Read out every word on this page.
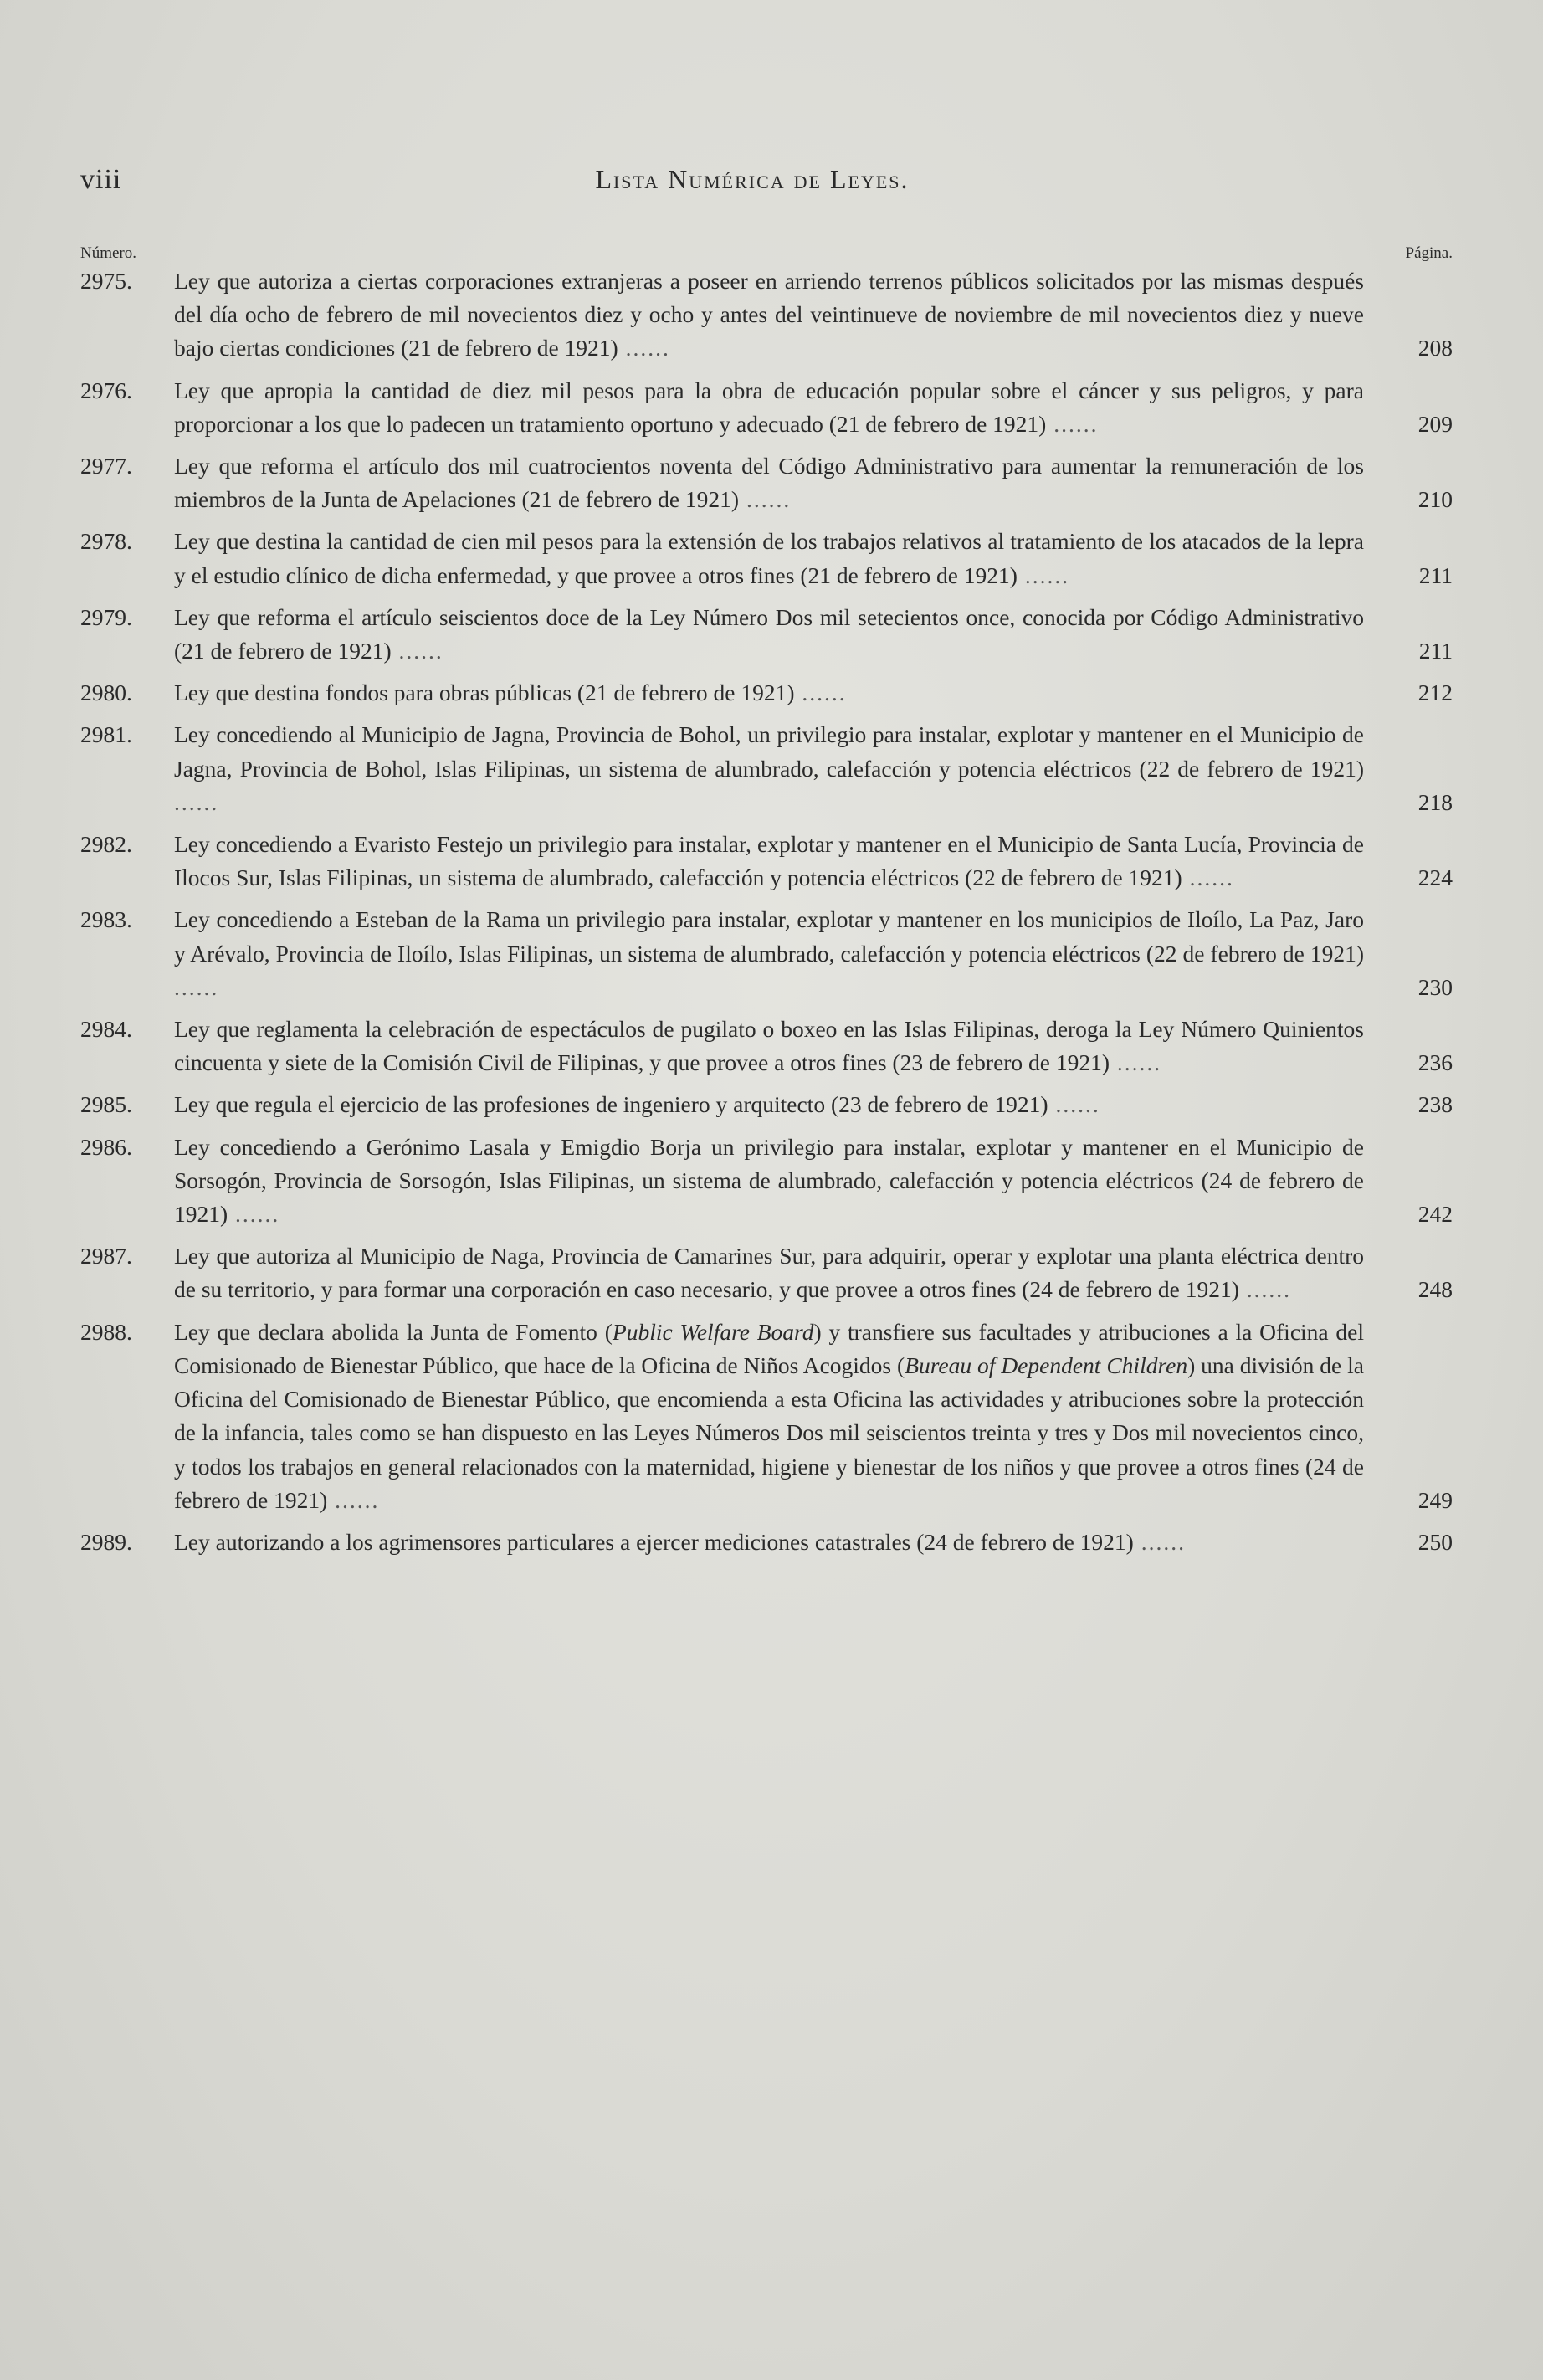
viii	Lista Numérica de Leyes.
Número.	Página.
2975.	Ley que autoriza a ciertas corporaciones extranjeras a poseer en arriendo terrenos públicos solicitados por las mismas después del día ocho de febrero de mil novecientos diez y ocho y antes del veintinueve de noviembre de mil novecientos diez y nueve bajo ciertas condiciones (21 de febrero de 1921) ......	208
2976.	Ley que apropia la cantidad de diez mil pesos para la obra de educación popular sobre el cáncer y sus peligros, y para proporcionar a los que lo padecen un tratamiento oportuno y adecuado (21 de febrero de 1921) ......	209
2977.	Ley que reforma el artículo dos mil cuatrocientos noventa del Código Administrativo para aumentar la remuneración de los miembros de la Junta de Apelaciones (21 de febrero de 1921) ......	210
2978.	Ley que destina la cantidad de cien mil pesos para la extensión de los trabajos relativos al tratamiento de los atacados de la lepra y el estudio clínico de dicha enfermedad, y que provee a otros fines (21 de febrero de 1921) ......	211
2979.	Ley que reforma el artículo seiscientos doce de la Ley Número Dos mil setecientos once, conocida por Código Administrativo (21 de febrero de 1921) ......	211
2980.	Ley que destina fondos para obras públicas (21 de febrero de 1921) ......	212
2981.	Ley concediendo al Municipio de Jagna, Provincia de Bohol, un privilegio para instalar, explotar y mantener en el Municipio de Jagna, Provincia de Bohol, Islas Filipinas, un sistema de alumbrado, calefacción y potencia eléctricos (22 de febrero de 1921) ......	218
2982.	Ley concediendo a Evaristo Festejo un privilegio para instalar, explotar y mantener en el Municipio de Santa Lucía, Provincia de Ilocos Sur, Islas Filipinas, un sistema de alumbrado, calefacción y potencia eléctricos (22 de febrero de 1921) ......	224
2983.	Ley concediendo a Esteban de la Rama un privilegio para instalar, explotar y mantener en los municipios de Iloílo, La Paz, Jaro y Arévalo, Provincia de Iloílo, Islas Filipinas, un sistema de alumbrado, calefacción y potencia eléctricos (22 de febrero de 1921) ......	230
2984.	Ley que reglamenta la celebración de espectáculos de pugilato o boxeo en las Islas Filipinas, deroga la Ley Número Quinientos cincuenta y siete de la Comisión Civil de Filipinas, y que provee a otros fines (23 de febrero de 1921) ......	236
2985.	Ley que regula el ejercicio de las profesiones de ingeniero y arquitecto (23 de febrero de 1921) ......	238
2986.	Ley concediendo a Gerónimo Lasala y Emigdio Borja un privilegio para instalar, explotar y mantener en el Municipio de Sorsogón, Provincia de Sorsogón, Islas Filipinas, un sistema de alumbrado, calefacción y potencia eléctricos (24 de febrero de 1921) ......	242
2987.	Ley que autoriza al Municipio de Naga, Provincia de Camarines Sur, para adquirir, operar y explotar una planta eléctrica dentro de su territorio, y para formar una corporación en caso necesario, y que provee a otros fines (24 de febrero de 1921) ......	248
2988.	Ley que declara abolida la Junta de Fomento (Public Welfare Board) y transfiere sus facultades y atribuciones a la Oficina del Comisionado de Bienestar Público, que hace de la Oficina de Niños Acogidos (Bureau of Dependent Children) una división de la Oficina del Comisionado de Bienestar Público, que encomienda a esta Oficina las actividades y atribuciones sobre la protección de la infancia, tales como se han dispuesto en las Leyes Números Dos mil seiscientos treinta y tres y Dos mil novecientos cinco, y todos los trabajos en general relacionados con la maternidad, higiene y bienestar de los niños y que provee a otros fines (24 de febrero de 1921) ......	249
2989.	Ley autorizando a los agrimensores particulares a ejercer mediciones catastrales (24 de febrero de 1921) ......	250
